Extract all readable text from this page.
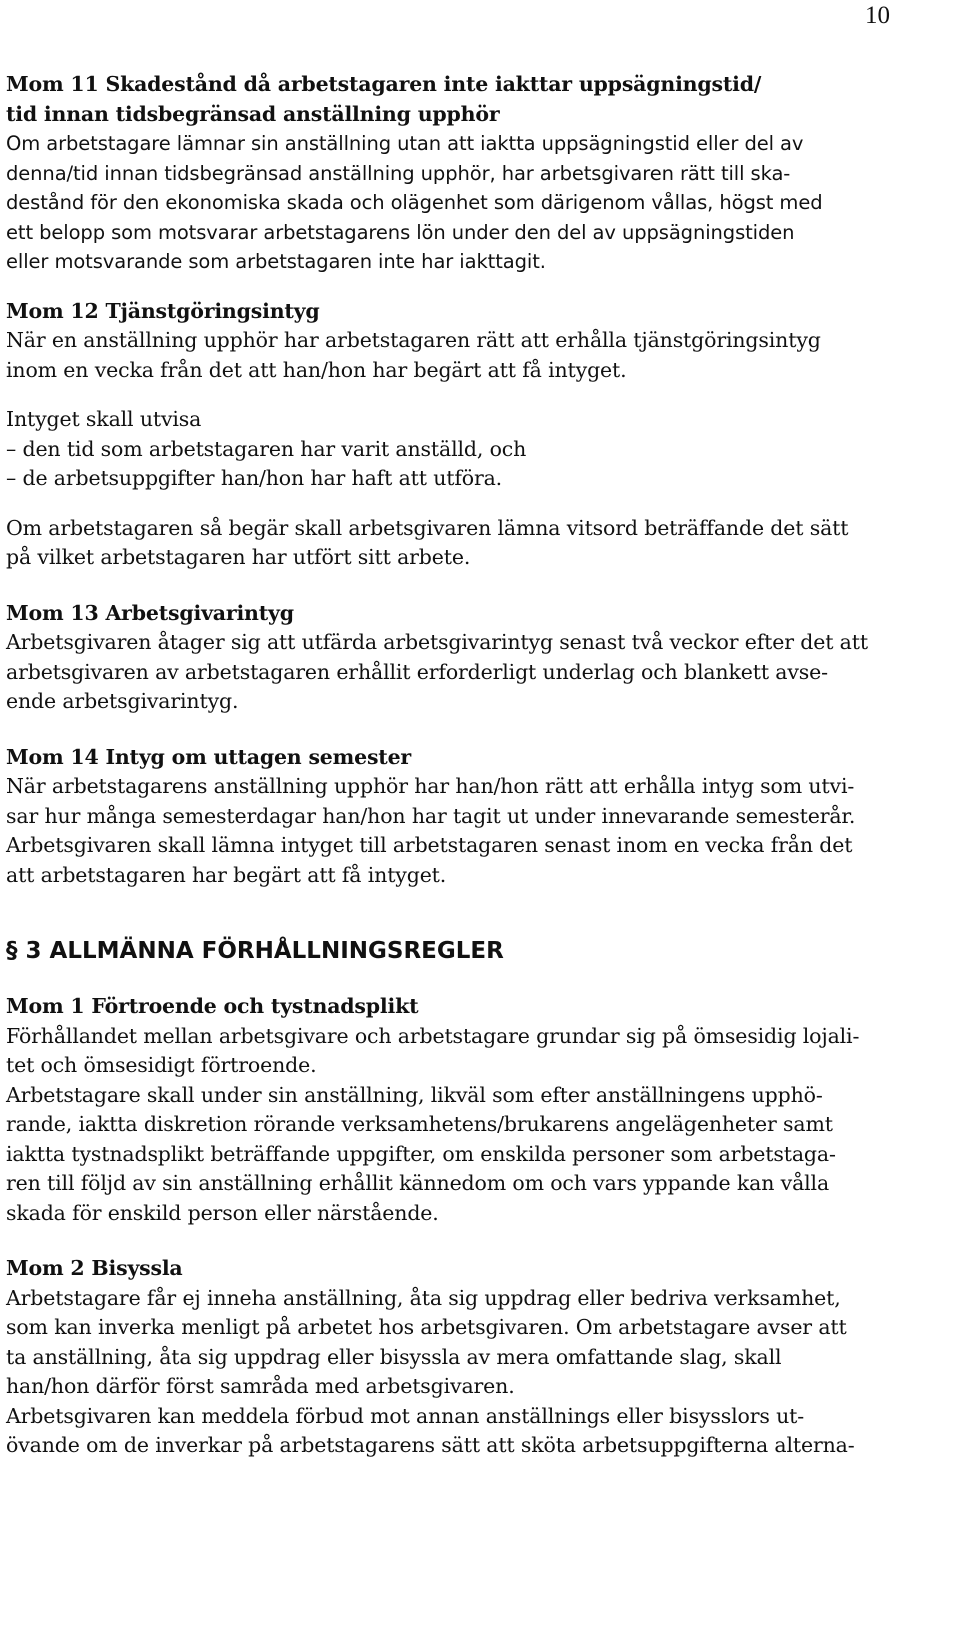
10
Mom 11 Skadestånd då arbetstagaren inte iakttar uppsägningstid/
tid innan tidsbegränsad anställning upphör
Om arbetstagare lämnar sin anställning utan att iaktta uppsägningstid eller del av
denna/tid innan tidsbegränsad anställning upphör, har arbetsgivaren rätt till ska-
destånd för den ekonomiska skada och olägenhet som därigenom vållas, högst med
ett belopp som motsvarar arbetstagarens lön under den del av uppsägningstiden
eller motsvarande som arbetstagaren inte har iakttagit.
Mom 12 Tjänstgöringsintyg
När en anställning upphör har arbetstagaren rätt att erhålla tjänstgöringsintyg
inom en vecka från det att han/hon har begärt att få intyget.
Intyget skall utvisa
– den tid som arbetstagaren har varit anställd, och
– de arbetsuppgifter han/hon har haft att utföra.
Om arbetstagaren så begär skall arbetsgivaren lämna vitsord beträffande det sätt
på vilket arbetstagaren har utfört sitt arbete.
Mom 13 Arbetsgivarintyg
Arbetsgivaren åtager sig att utfärda arbetsgivarintyg senast två veckor efter det att
arbetsgivaren av arbetstagaren erhållit erforderligt underlag och blankett avse-
ende arbetsgivarintyg.
Mom 14 Intyg om uttagen semester
När arbetstagarens anställning upphör har han/hon rätt att erhålla intyg som utvi-
sar hur många semesterdagar han/hon har tagit ut under innevarande semesterår.
Arbetsgivaren skall lämna intyget till arbetstagaren senast inom en vecka från det
att arbetstagaren har begärt att få intyget.
§ 3 ALLMÄNNA FÖRHÅLLNINGSREGLER
Mom 1 Förtroende och tystnadsplikt
Förhållandet mellan arbetsgivare och arbetstagare grundar sig på ömsesidig lojali-
tet och ömsesidigt förtroende.
Arbetstagare skall under sin anställning, likväl som efter anställningens upphö-
rande, iaktta diskretion rörande verksamhetens/brukarens angelägenheter samt
iaktta tystnadsplikt beträffande uppgifter, om enskilda personer som arbetstaga-
ren till följd av sin anställning erhållit kännedom om och vars yppande kan vålla
skada för enskild person eller närstående.
Mom 2 Bisyssla
Arbetstagare får ej inneha anställning, åta sig uppdrag eller bedriva verksamhet,
som kan inverka menligt på arbetet hos arbetsgivaren. Om arbetstagare avser att
ta anställning, åta sig uppdrag eller bisyssla av mera omfattande slag, skall
han/hon därför först samråda med arbetsgivaren.
Arbetsgivaren kan meddela förbud mot annan anställnings eller bisysslors ut-
övande om de inverkar på arbetstagarens sätt att sköta arbetsuppgifterna alterna-
